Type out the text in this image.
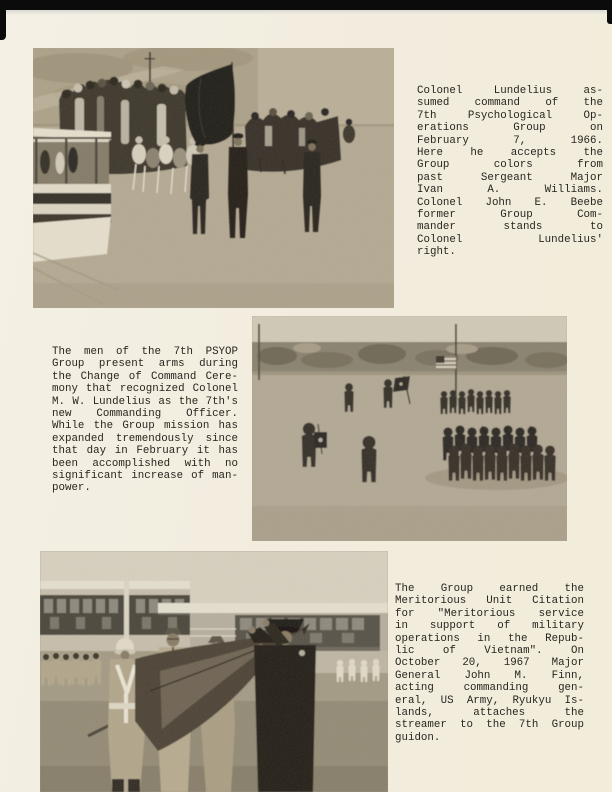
Colonel Lundelius as-
sumed command of the
7th Psychological Op-
erations Group on
February 7, 1966.
Here he accepts the
Group colors from
past Sergeant Major
Ivan A. Williams.
Colonel John E. Beebe
former Group Com-
mander stands to
Colonel Lundelius'
right.
The men of the 7th PSYOP
Group present arms during
the Change of Command Cere-
mony that recognized Colonel
M. W. Lundelius as the 7th's
new Commanding Officer.
While the Group mission has
expanded tremendously since
that day in February it has
been accomplished with no
significant increase of man-
power.
The Group earned the
Meritorious Unit Citation
for "Meritorious service
in support of military
operations in the Repub-
lic of Vietnam". On
October 20, 1967 Major
General John M. Finn,
acting commanding gen-
eral, US Army, Ryukyu Is-
lands, attaches the
streamer to the 7th Group
guidon.
